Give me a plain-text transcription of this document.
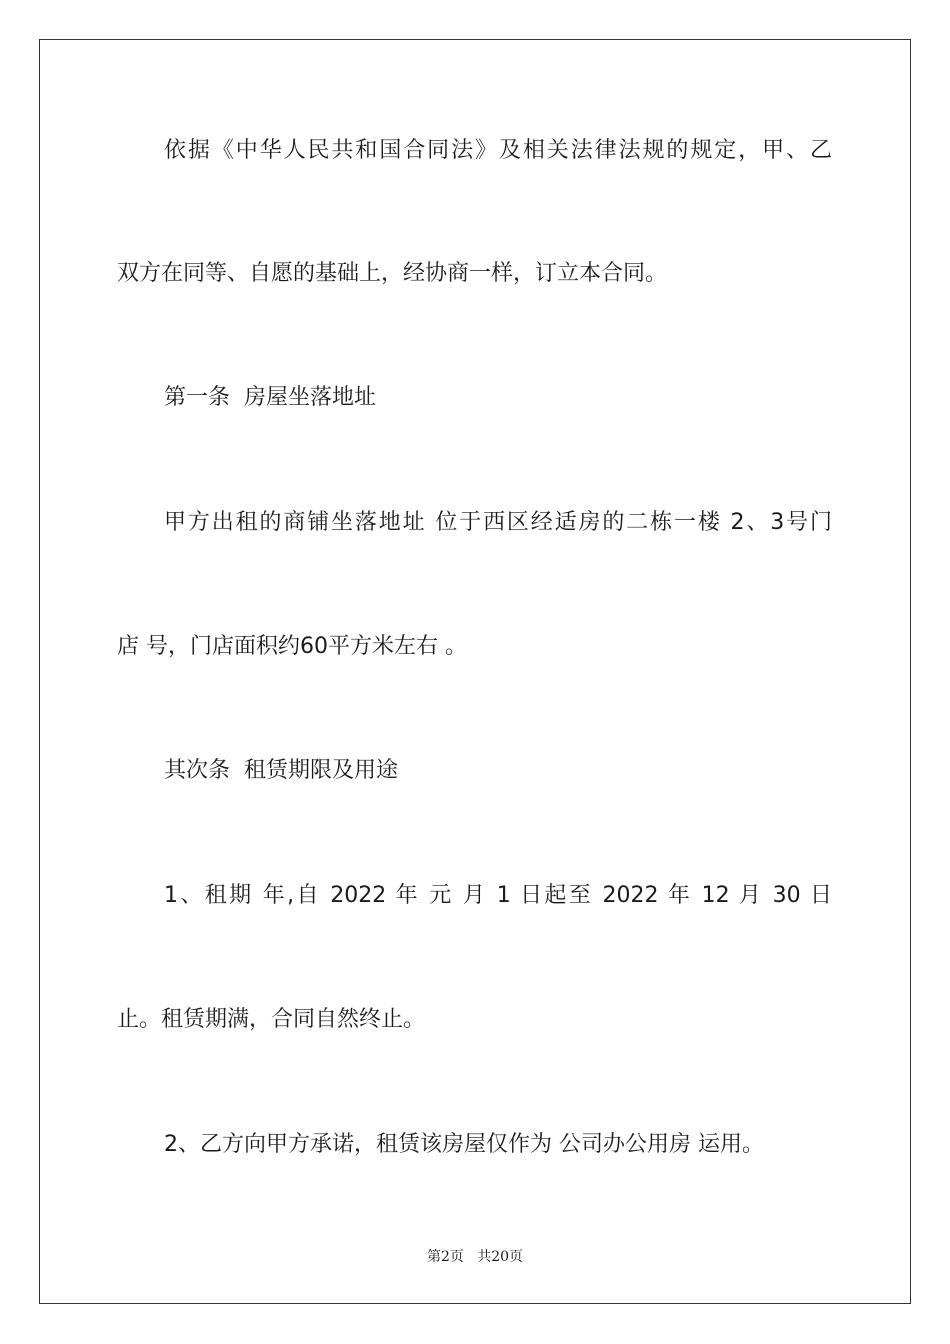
依据《中华人民共和国合同法》及相关法律法规的规定，甲、乙
双方在同等、自愿的基础上，经协商一样，订立本合同。
第一条  房屋坐落地址
甲方出租的商铺坐落地址 位于西区经适房的二栋一楼 2、3号门
店 号，门店面积约60平方米左右 。
其次条  租赁期限及用途
1、租期 年,自 2022 年 元 月 1 日起至 2022 年 12 月 30 日
止。租赁期满，合同自然终止。
2、乙方向甲方承诺，租赁该房屋仅作为 公司办公用房 运用。
第2页   共20页
